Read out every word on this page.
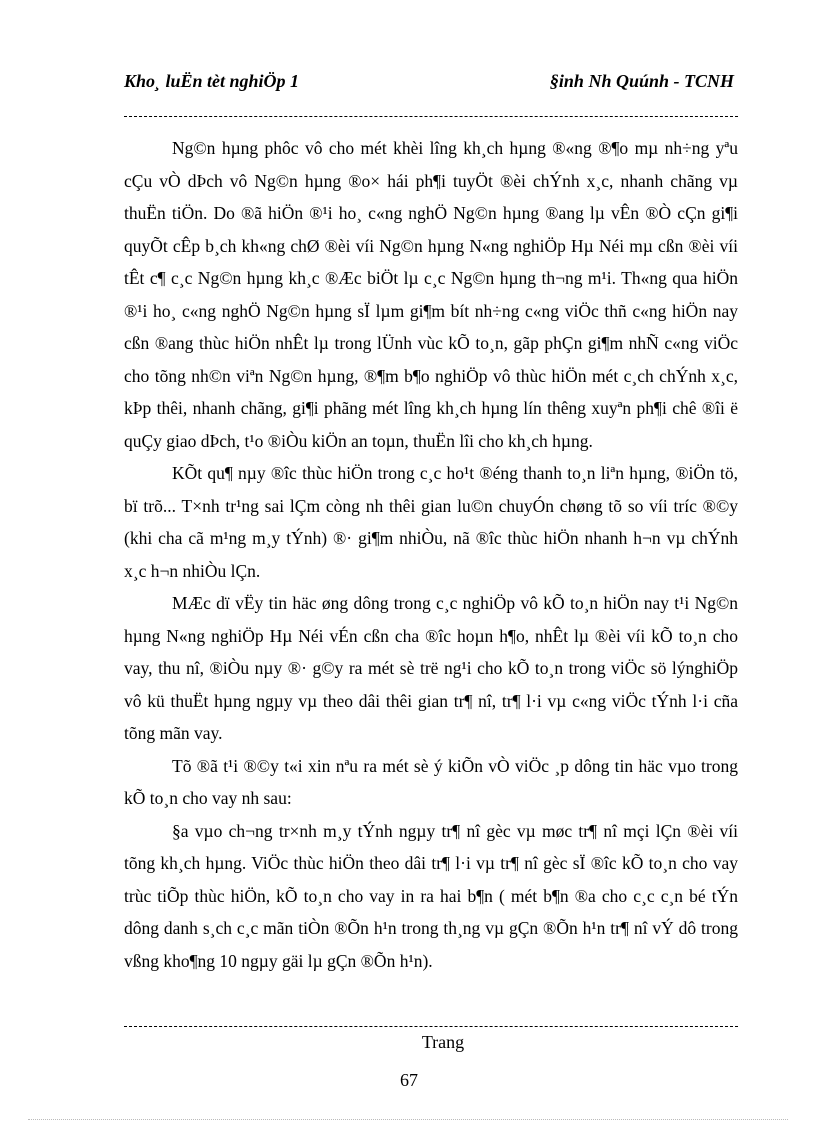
Kho¸ luËn tèt nghiÖp 1	§inh Nh Quúnh - TCNH

Ng©n hµng phôc vô cho mét khèi lîng kh¸ch hµng ®«ng ®¶o mµ nh÷ng yªu cÇu vÒ dÞch vô Ng©n hµng ®o× hái ph¶i tuyÖt ®èi chÝnh x¸c, nhanh chãng vµ thuËn tiÖn. Do ®ã hiÖn ®¹i ho¸ c«ng nghÖ Ng©n hµng ®ang lµ vÊn ®Ò cÇn gi¶i quyÕt cÊp b¸ch kh«ng chØ ®èi víi Ng©n hµng N«ng nghiÖp Hµ Néi mµ cßn ®èi víi tÊt c¶ c¸c Ng©n hµng kh¸c ®Æc biÖt lµ c¸c Ng©n hµng th¬ng m¹i. Th«ng qua hiÖn ®¹i ho¸ c«ng nghÖ Ng©n hµng sÏ lµm gi¶m bít nh÷ng c«ng viÖc thñ c«ng hiÖn nay cßn ®ang thùc hiÖn nhÊt lµ trong lÜnh vùc kÕ to¸n, gãp phÇn gi¶m nhÑ c«ng viÖc cho tõng nh©n viªn Ng©n hµng, ®¶m b¶o nghiÖp vô thùc hiÖn mét c¸ch chÝnh x¸c, kÞp thêi, nhanh chãng, gi¶i phãng mét lîng kh¸ch hµng lín thêng xuyªn ph¶i chê ®îi ë quÇy giao dÞch, t¹o ®iÒu kiÖn an toµn, thuËn lîi cho kh¸ch hµng.

KÕt qu¶ nµy ®îc thùc hiÖn trong c¸c ho¹t ®éng thanh to¸n liªn hµng, ®iÖn tö, bï trõ... T×nh tr¹ng sai lÇm còng nh thêi gian lu©n chuyÓn chøng tõ so víi tríc ®©y (khi cha cã m¹ng m¸y tÝnh) ®· gi¶m nhiÒu, nã ®îc thùc hiÖn nhanh h¬n vµ chÝnh x¸c h¬n nhiÒu lÇn.

MÆc dï vËy tin häc øng dông trong c¸c nghiÖp vô kÕ to¸n hiÖn nay t¹i Ng©n hµng N«ng nghiÖp Hµ Néi vÉn cßn cha ®îc hoµn h¶o, nhÊt lµ ®èi víi kÕ to¸n cho vay, thu nî, ®iÒu nµy ®· g©y ra mét sè trë ng¹i cho kÕ to¸n trong viÖc sö lýnghiÖp vô kü thuËt hµng ngµy vµ theo dâi thêi gian tr¶ nî, tr¶ l·i vµ c«ng viÖc tÝnh l·i cña tõng mãn vay.

Tõ ®ã t¹i ®©y t«i xin nªu ra mét sè ý kiÕn vÒ viÖc ¸p dông tin häc vµo trong kÕ to¸n cho vay nh sau:

§a vµo ch¬ng tr×nh m¸y tÝnh ngµy tr¶ nî gèc vµ møc tr¶ nî mçi lÇn ®èi víi tõng kh¸ch hµng. ViÖc thùc hiÖn theo dâi tr¶ l·i vµ tr¶ nî gèc sÏ ®îc kÕ to¸n cho vay trùc tiÕp thùc hiÖn, kÕ to¸n cho vay in ra hai b¶n ( mét b¶n ®a cho c¸c c¸n bé tÝn dông danh s¸ch c¸c mãn tiÒn ®Õn h¹n trong th¸ng vµ gÇn ®Õn h¹n tr¶ nî vÝ dô trong vßng kho¶ng 10 ngµy gäi lµ gÇn ®Õn h¹n).

Trang
67
